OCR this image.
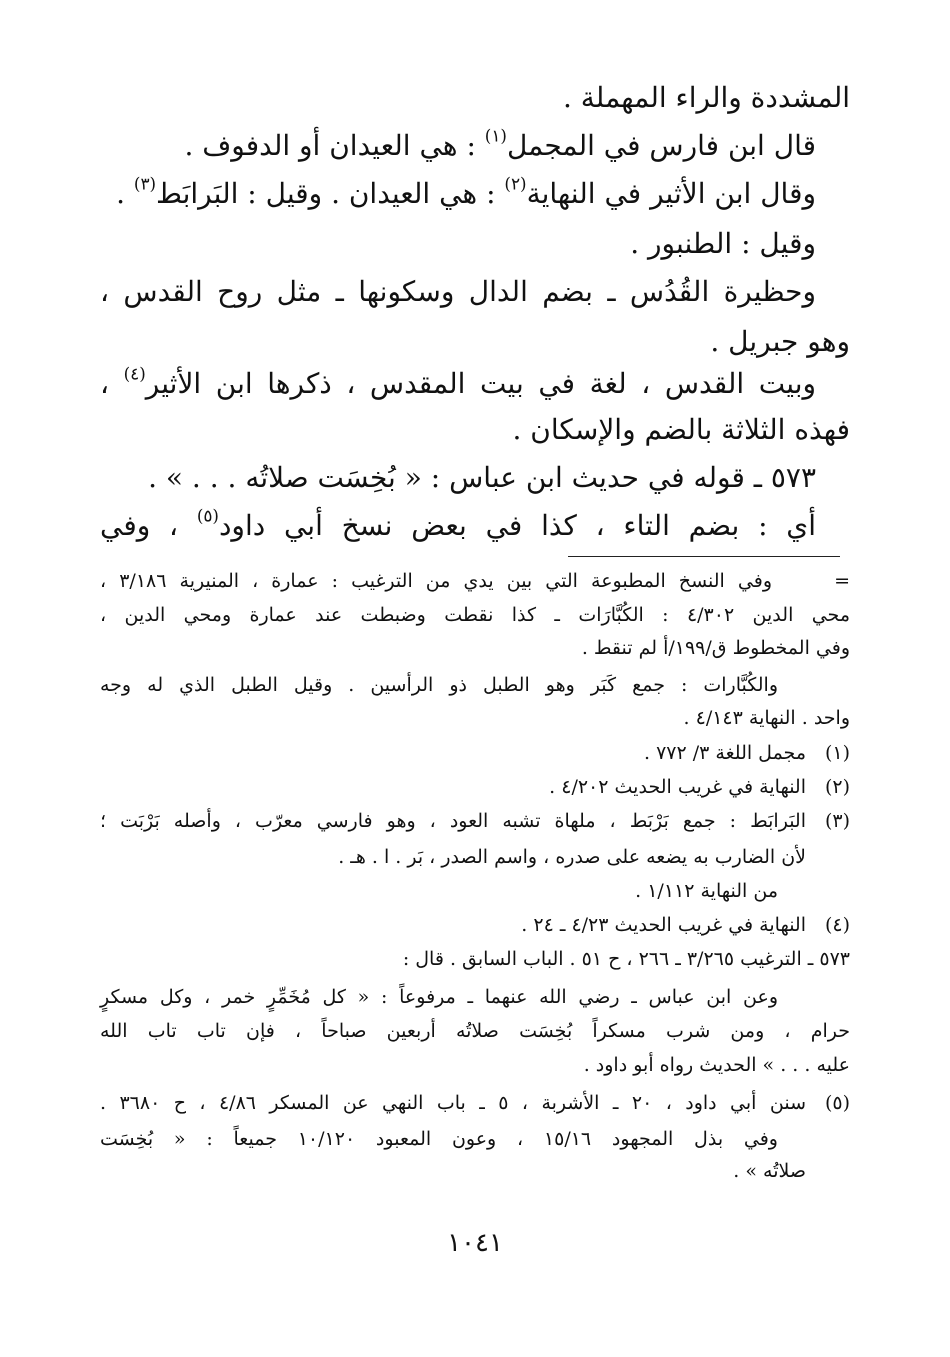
المشددة والراء المهملة .
قال ابن فارس في المجمل$^{(١)}$ : هي العيدان أو الدفوف .
وقال ابن الأثير في النهاية$^{(٢)}$ : هي العيدان . وقيل : البَرابَط$^{(٣)}$ .
وقيل : الطنبور .
وحظيرة القُدُس ـ بضم الدال وسكونها ـ مثل روح القدس ،
وهو جبريل .
وبيت القدس ، لغة في بيت المقدس ، ذكرها ابن الأثير$^{(٤)}$ ،
فهذه الثلاثة بالضم والإسكان .
٥٧٣ ـ قوله في حديث ابن عباس : « بُخِسَت صلاتُه . . . » .
أي : بضم التاء ، كذا في بعض نسخ أبي داود$^{(٥)}$ ، وفي
=وفي النسخ المطبوعة التي بين يدي من الترغيب : عمارة ، المنيرية ٣/١٨٦ ،
محي الدين ٤/٣٠٢ : الكُبَّارَات ـ كذا نقطت وضبطت عند عمارة ومحي الدين ،
وفي المخطوط ق/١٩٩/أ لم تنقط .
والكُبَّارات : جمع كَبَر وهو الطبل ذو الرأسين . وقيل الطبل الذي له وجه
واحد . النهاية ٤/١٤٣ .
(١)مجمل اللغة ٣/ ٧٧٢ .
(٢)النهاية في غريب الحديث ٤/٢٠٢ .
(٣)البَرابَط : جمع بَرْبَط ، ملهاة تشبه العود ، وهو فارسي معرّب ، وأصله بَرْبَت ؛
لأن الضارب به يضعه على صدره ، واسم الصدر ، بَر . ا . هـ .
من النهاية ١/١١٢ .
(٤)النهاية في غريب الحديث ٤/٢٣ ـ ٢٤ .
٥٧٣ ـ الترغيب ٣/٢٦٥ ـ ٢٦٦ ، ح ٥١ . الباب السابق . قال :
وعن ابن عباس ـ رضي الله عنهما ـ مرفوعاً : « كل مُخَمِّرٍ خمر ، وكل مسكرٍ
حرام ، ومن شرب مسكراً بُخِسَت صلاتُه أربعين صباحاً ، فإن تاب تاب الله
عليه . . . » الحديث رواه أبو داود .
(٥)سنن أبي داود ، ٢٠ ـ الأشربة ، ٥ ـ باب النهي عن المسكر ٤/٨٦ ، ح ٣٦٨٠ .
وفي بذل المجهود ١٥/١٦ ، وعون المعبود ١٠/١٢٠ جميعاً : « بُخِسَت
صلاتُه » .
١٠٤١
